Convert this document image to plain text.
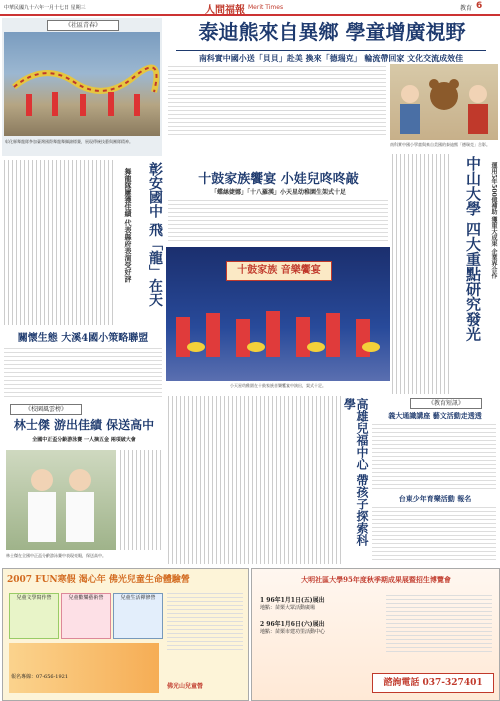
中華民國九十六年一月十七日 星期三	人間福報 Merit Times	教育 6
《社區青春》
彰化縣舞龍隊參加臺灣國際舞龍舞獅錦標賽，展現傳統技藝與團隊精神。
泰迪熊來自異鄉 學童增廣視野
南科實中國小送「貝貝」赴美 換來「德瑞克」 輪流帶回家 文化交流成效佳
南科實中國小學童與來自美國的泰迪熊「德瑞克」合影。
彰安國中 飛「龍」在天
舞龍隊屢獲佳績 代表縣府表演受好評	十鼓家族饗宴 小娃兒咚咚敲
「蝶絲婕娜」「十八羅漢」小天星幼稚園生架式十足
十鼓家族 音樂饗宴
小天星幼稚園在十鼓家族音樂饗宴中演出，架式十足。
中山大學 四大重點研究發光	運用5年500億補助 獲重大成果 企業界合作
關懷生態 大溪4國小策略聯盟
《校園風雲榜》
林士傑 游出佳績 保送高中
全國中正盃分齡游泳賽 一人摘五金 兩項破大會
林士傑在全國中正盃分齡游泳賽中表現亮眼，保送高中。
高雄兒福中心 帶孩子探索科學	《教育短訊》
義大通識講座 藝文活動走透透
台東少年育樂活動 報名
2007 FUN寒假 渴心年 佛光兒童生命體驗營
兒童文學寫作營	兒童歡樂藝術營	兒童生活禪修營
報名專線：07-656-1921
佛光山兒童營
大明社區大學95年度秋季期成果展暨招生博覽會
1 96年1月1日(五)展出
地點：苗栗大眾活動廣場
2 96年1月6日(六)展出
地點：苗栗市建功里活動中心
諮詢電話 037-327401
